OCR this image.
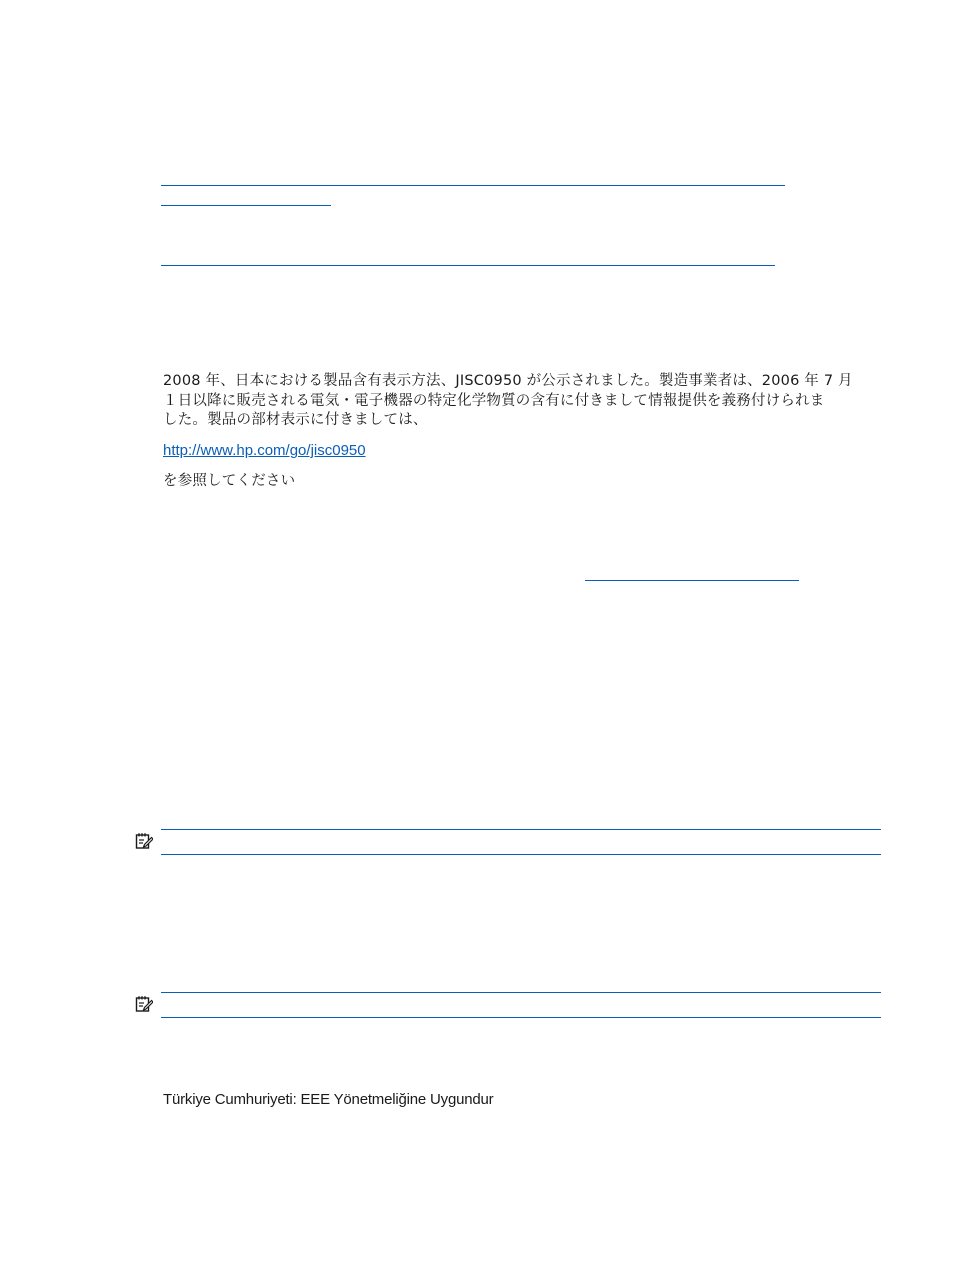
2008 年、日本における製品含有表示方法、JISC0950 が公示されました。製造事業者は、2006 年 7 月
１日以降に販売される電気・電子機器の特定化学物質の含有に付きまして情報提供を義務付けられま
した。製品の部材表示に付きましては、
http://www.hp.com/go/jisc0950
を参照してください
Türkiye Cumhuriyeti: EEE Yönetmeliğine Uygundur
